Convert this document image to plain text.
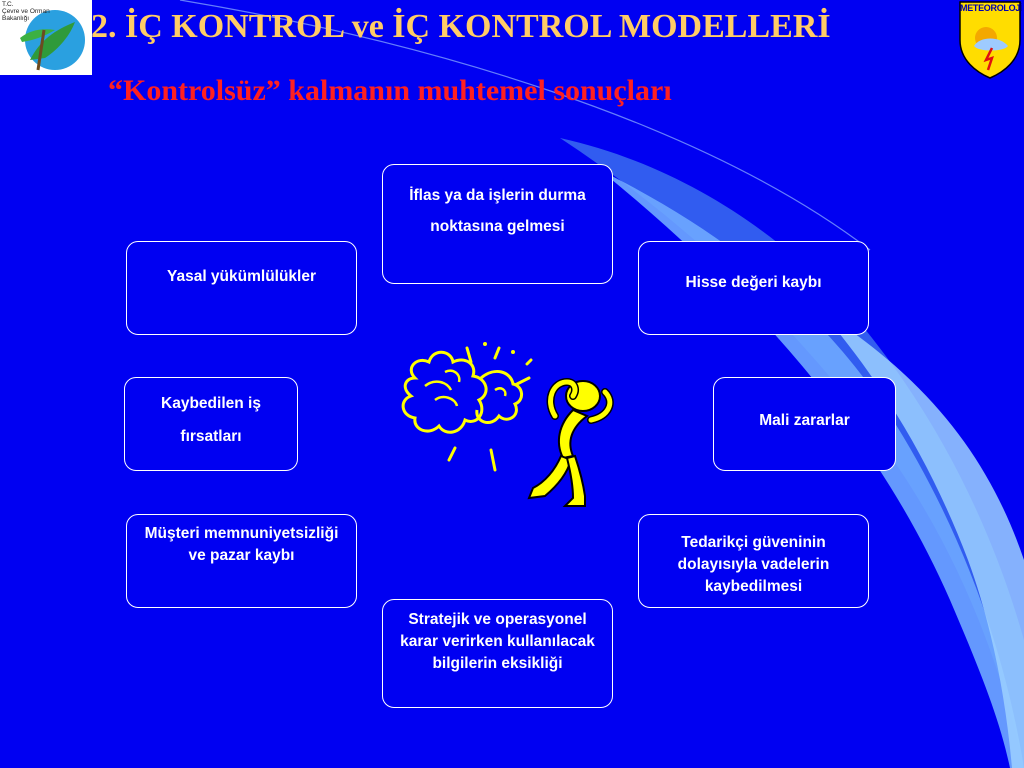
T.C.
Çevre ve Orman
Bakanlığı
METEOROLOJİ
2. İÇ KONTROL ve İÇ KONTROL MODELLERİ
“Kontrolsüz” kalmanın muhtemel sonuçları
İflas ya da işlerin durma noktasına gelmesi
Yasal yükümlülükler	Hisse değeri kaybı
Kaybedilen iş fırsatları
Mali zararlar
Müşteri memnuniyetsizliği ve pazar kaybı
Tedarikçi güveninin dolayısıyla vadelerin kaybedilmesi
Stratejik ve operasyonel karar verirken kullanılacak bilgilerin eksikliği
